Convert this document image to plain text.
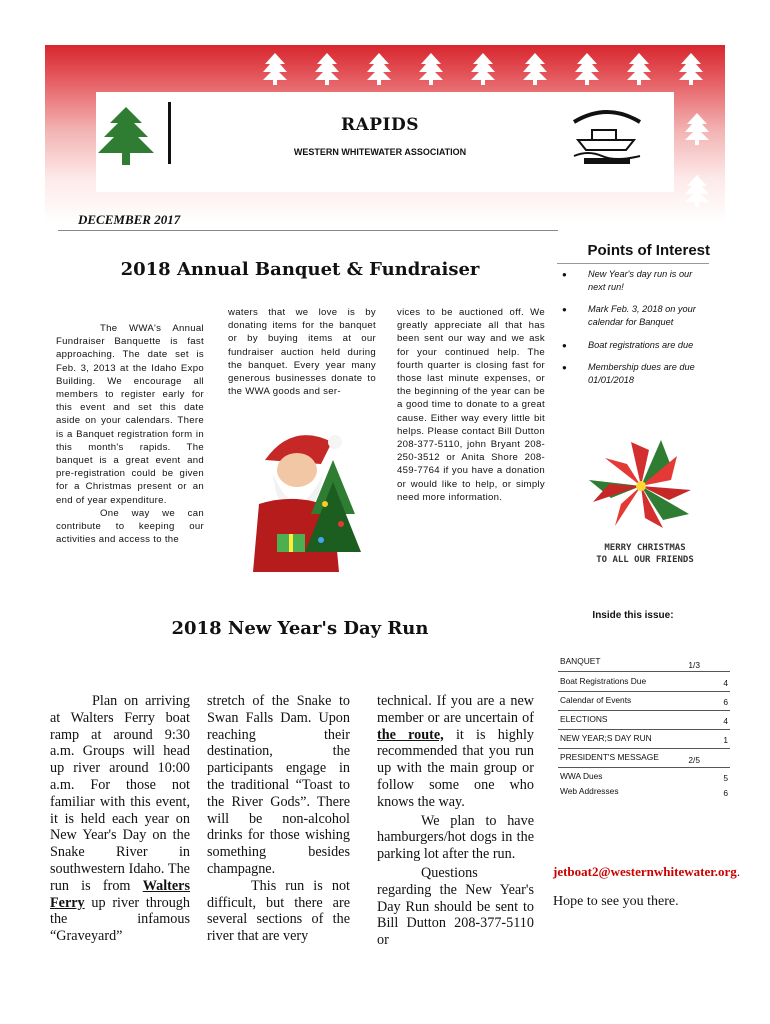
RAPIDS
WESTERN WHITEWATER ASSOCIATION
DECEMBER 2017
2018 Annual Banquet & Fundraiser

The WWA's Annual Fundraiser Banquette is fast approaching. The date set is Feb. 3, 2013 at the Idaho Expo Building. We encourage all members to register early for this event and set this date aside on your calendars. There is a Banquet registration form in this month's rapids. The banquet is a great event and pre-registration could be given for a Christmas present or an end of year expenditure.

One way we can contribute to keeping our activities and access to the

waters that we love is by donating items for the banquet or by buying items at our fundraiser auction held during the banquet. Every year many generous businesses donate to the WWA goods and ser-
vices to be auctioned off. We greatly appreciate all that has been sent our way and we ask for your continued help. The fourth quarter is closing fast for those last minute expenses, or the beginning of the year can be a good time to donate to a great cause. Either way every little bit helps. Please contact Bill Dutton 208-377-5110, john Bryant 208-250-3512 or Anita Shore 208-459-7764 if you have a donation or would like to help, or simply need more information.
Points of Interest
●	New Year's day run is our next run!
●	Mark Feb. 3, 2018 on your calendar for Banquet
●	Boat registrations are due
●	Membership dues are due 01/01/2018
MERRY CHRISTMAS
TO ALL OUR FRIENDS
2018 New Year's Day Run

Plan on arriving at Walters Ferry boat ramp at around 9:30 a.m. Groups will head up river around 10:00 a.m. For those not familiar with this event, it is held each year on New Year's Day on the Snake River in southwestern Idaho. The run is from Walters Ferry up river through the infamous “Graveyard”

stretch of the Snake to Swan Falls Dam. Upon reaching their destination, the participants engage in the traditional “Toast to the River Gods”. There will be non-alcohol drinks for those wishing something besides champagne.

This run is not difficult, but there are several sections of the river that are very

technical. If you are a new member or are uncertain of the route, it is highly recommended that you run up with the main group or follow some one who knows the way.

We plan to have hamburgers/hot dogs in the parking lot after the run.

Questions regarding the New Year's Day Run should be sent to Bill Dutton 208-377-5110 or

jetboat2@westernwhitewater.org.
Hope to see you there.
Inside this issue:
BANQUET	1/3
Boat Registrations Due	4
Calendar of Events	6
ELECTIONS	4
NEW YEAR;S DAY RUN	1
PRESIDENT'S MESSAGE	2/5
WWA Dues	5
Web Addresses	6
